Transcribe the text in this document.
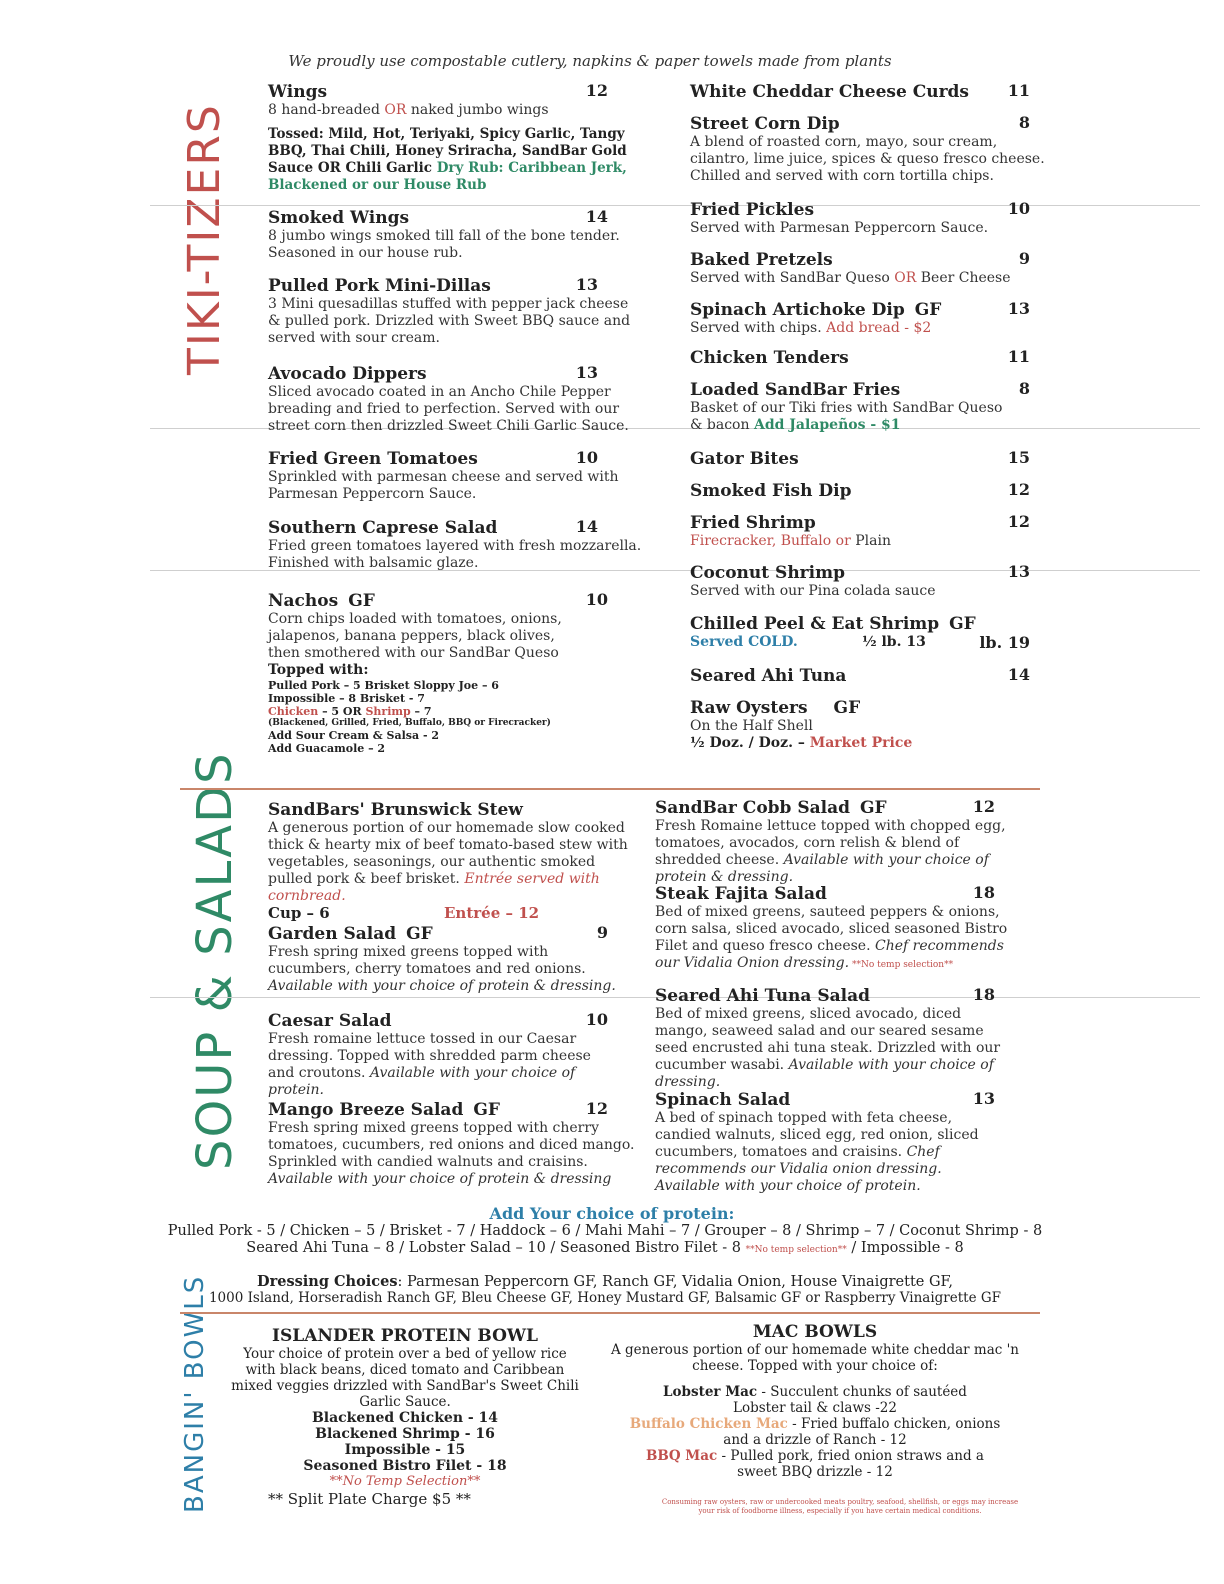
We proudly use compostable cutlery, napkins & paper towels made from plants
TIKI-TIZERS
SOUP & SALADS
BANGIN' BOWLS
Wings	12
8 hand-breaded OR naked jumbo wings
Tossed: Mild, Hot, Teriyaki, Spicy Garlic, Tangy BBQ, Thai Chili, Honey Sriracha, SandBar Gold Sauce OR Chili Garlic Dry Rub: Caribbean Jerk, Blackened or our House Rub
Smoked Wings	14
8 jumbo wings smoked till fall of the bone tender. Seasoned in our house rub.
Pulled Pork Mini-Dillas	13
3 Mini quesadillas stuffed with pepper jack cheese & pulled pork. Drizzled with Sweet BBQ sauce and served with sour cream.
Avocado Dippers	13
Sliced avocado coated in an Ancho Chile Pepper breading and fried to perfection. Served with our street corn then drizzled Sweet Chili Garlic Sauce.
Fried Green Tomatoes	10
Sprinkled with parmesan cheese and served with Parmesan Peppercorn Sauce.
Southern Caprese Salad	14
Fried green tomatoes layered with fresh mozzarella. Finished with balsamic glaze.
Nachos GF	10
Corn chips loaded with tomatoes, onions, jalapenos, banana peppers, black olives, then smothered with our SandBar Queso
Topped with:
Pulled Pork – 5 Brisket Sloppy Joe – 6
Impossible – 8 Brisket - 7
Chicken – 5 OR Shrimp – 7
(Blackened, Grilled, Fried, Buffalo, BBQ or Firecracker)
Add Sour Cream & Salsa - 2
Add Guacamole – 2
White Cheddar Cheese Curds	11
Street Corn Dip	8
A blend of roasted corn, mayo, sour cream, cilantro, lime juice, spices & queso fresco cheese. Chilled and served with corn tortilla chips.
Fried Pickles	10
Served with Parmesan Peppercorn Sauce.
Baked Pretzels	9
Served with SandBar Queso OR Beer Cheese
Spinach Artichoke Dip GF	13
Served with chips. Add bread - $2
Chicken Tenders	11
Loaded SandBar Fries	8
Basket of our Tiki fries with SandBar Queso & bacon Add Jalapeños - $1
Gator Bites	15
Smoked Fish Dip	12
Fried Shrimp	12
Firecracker, Buffalo or Plain
Coconut Shrimp	13
Served with our Pina colada sauce
Chilled Peel & Eat Shrimp GF
Served COLD.	½ lb. 13	lb. 19
Seared Ahi Tuna	14
Raw Oysters GF
On the Half Shell
½ Doz. / Doz. – Market Price
SandBars' Brunswick Stew
A generous portion of our homemade slow cooked thick & hearty mix of beef tomato-based stew with vegetables, seasonings, our authentic smoked pulled pork & beef brisket. Entrée served with cornbread.
Cup – 6	Entrée – 12
Garden Salad GF	9
Fresh spring mixed greens topped with cucumbers, cherry tomatoes and red onions. Available with your choice of protein & dressing.
Caesar Salad	10
Fresh romaine lettuce tossed in our Caesar dressing. Topped with shredded parm cheese and croutons. Available with your choice of protein.
Mango Breeze Salad GF	12
Fresh spring mixed greens topped with cherry tomatoes, cucumbers, red onions and diced mango. Sprinkled with candied walnuts and craisins. Available with your choice of protein & dressing
SandBar Cobb Salad GF	12
Fresh Romaine lettuce topped with chopped egg, tomatoes, avocados, corn relish & blend of shredded cheese. Available with your choice of protein & dressing.
Steak Fajita Salad	18
Bed of mixed greens, sauteed peppers & onions, corn salsa, sliced avocado, sliced seasoned Bistro Filet and queso fresco cheese. Chef recommends our Vidalia Onion dressing. **No temp selection**
Seared Ahi Tuna Salad	18
Bed of mixed greens, sliced avocado, diced mango, seaweed salad and our seared sesame seed encrusted ahi tuna steak. Drizzled with our cucumber wasabi. Available with your choice of dressing.
Spinach Salad	13
A bed of spinach topped with feta cheese, candied walnuts, sliced egg, red onion, sliced cucumbers, tomatoes and craisins. Chef recommends our Vidalia onion dressing. Available with your choice of protein.
Add Your choice of protein:
Pulled Pork - 5 / Chicken – 5 / Brisket - 7 / Haddock – 6 / Mahi Mahi – 7 / Grouper – 8 / Shrimp – 7 / Coconut Shrimp - 8
Seared Ahi Tuna – 8 / Lobster Salad – 10 / Seasoned Bistro Filet - 8 **No temp selection** / Impossible - 8
Dressing Choices: Parmesan Peppercorn GF, Ranch GF, Vidalia Onion, House Vinaigrette GF,
1000 Island, Horseradish Ranch GF, Bleu Cheese GF, Honey Mustard GF, Balsamic GF or Raspberry Vinaigrette GF
ISLANDER PROTEIN BOWL
Your choice of protein over a bed of yellow rice with black beans, diced tomato and Caribbean mixed veggies drizzled with SandBar's Sweet Chili Garlic Sauce.
Blackened Chicken - 14
Blackened Shrimp - 16
Impossible - 15
Seasoned Bistro Filet - 18
**No Temp Selection**
** Split Plate Charge $5 **
MAC BOWLS
A generous portion of our homemade white cheddar mac 'n cheese. Topped with your choice of:
Lobster Mac - Succulent chunks of sautéed Lobster tail & claws -22
Buffalo Chicken Mac - Fried buffalo chicken, onions and a drizzle of Ranch - 12
BBQ Mac - Pulled pork, fried onion straws and a sweet BBQ drizzle - 12
Consuming raw oysters, raw or undercooked meats poultry, seafood, shellfish, or eggs may increase your risk of foodborne illness, especially if you have certain medical conditions.
